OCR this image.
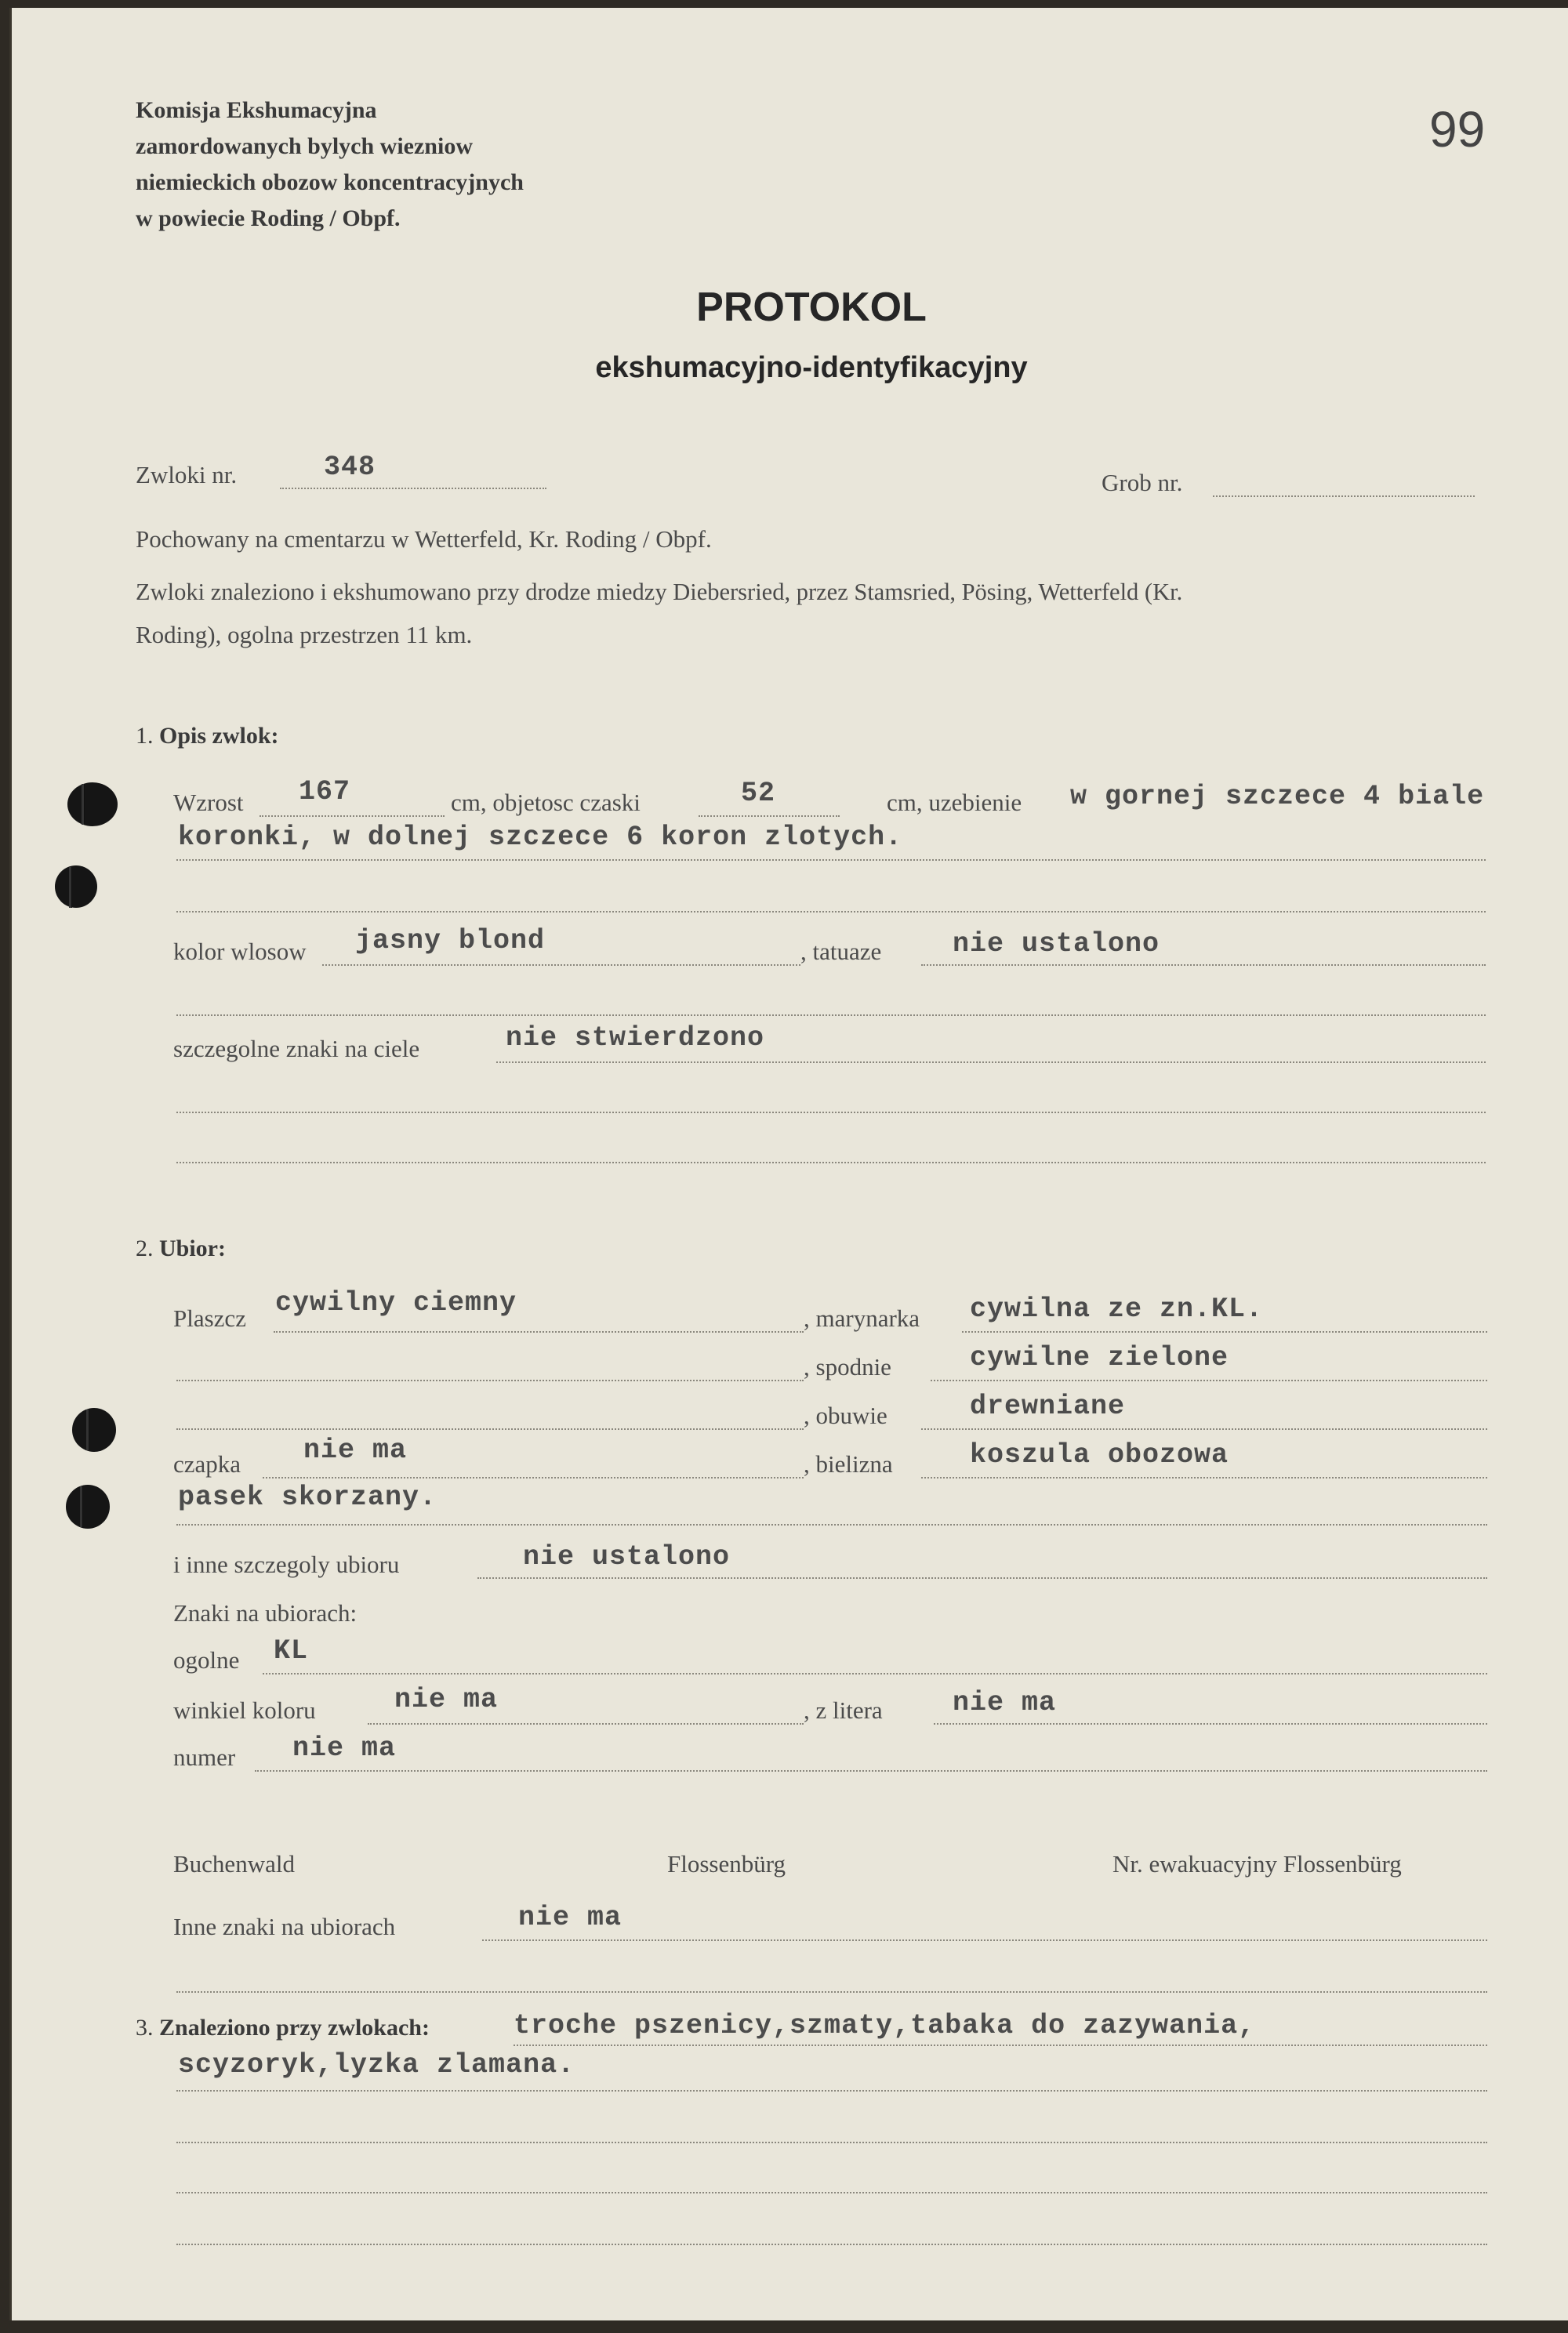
Komisja Ekshumacyjna
zamordowanych bylych wiezniow
niemieckich obozow koncentracyjnych
w powiecie Roding / Obpf.
99
PROTOKOL
ekshumacyjno-identyfikacyjny
Zwloki nr.	348	Grob nr.
Pochowany na cmentarzu w Wetterfeld, Kr. Roding / Obpf.
Zwloki znaleziono i ekshumowano przy drodze miedzy Diebersried, przez Stamsried, Pösing, Wetterfeld (Kr.
Roding), ogolna przestrzen 11 km.
1. Opis zwlok:
Wzrost 167	cm, objetosc czaski	52	cm, uzebienie w gornej szczece 4 biale
koronki, w dolnej szczece 6 koron zlotych.
kolor wlosow jasny blond	, tatuaze	nie ustalono
szczegolne znaki na ciele	nie stwierdzono
2. Ubior:
Plaszcz cywilny ciemny	, marynarka cywilna ze zn.KL.
, spodnie	cywilne zielone
, obuwie	drewniane
czapka nie ma	, bielizna	koszula obozowa
pasek skorzany.
i inne szczegoly ubioru	nie ustalono
Znaki na ubiorach:
ogolne KL
winkiel koloru	nie ma	, z litera	nie ma
numer nie ma
Buchenwald	Flossenbürg	Nr. ewakuacyjny Flossenbürg
Inne znaki na ubiorach	nie ma
3. Znaleziono przy zwlokach:	troche pszenicy,szmaty,tabaka do zazywania,
scyzoryk,lyzka zlamana.
